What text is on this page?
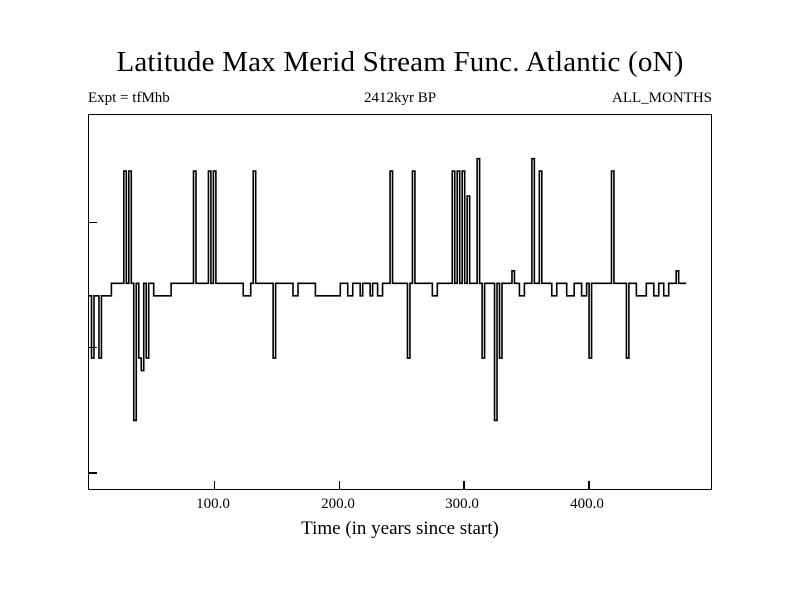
Latitude Max Merid Stream Func. Atlantic (oN)
Expt = tfMhb	2412kyr BP	ALL_MONTHS
100.0	200.0	300.0	400.0
Time (in years since start)
